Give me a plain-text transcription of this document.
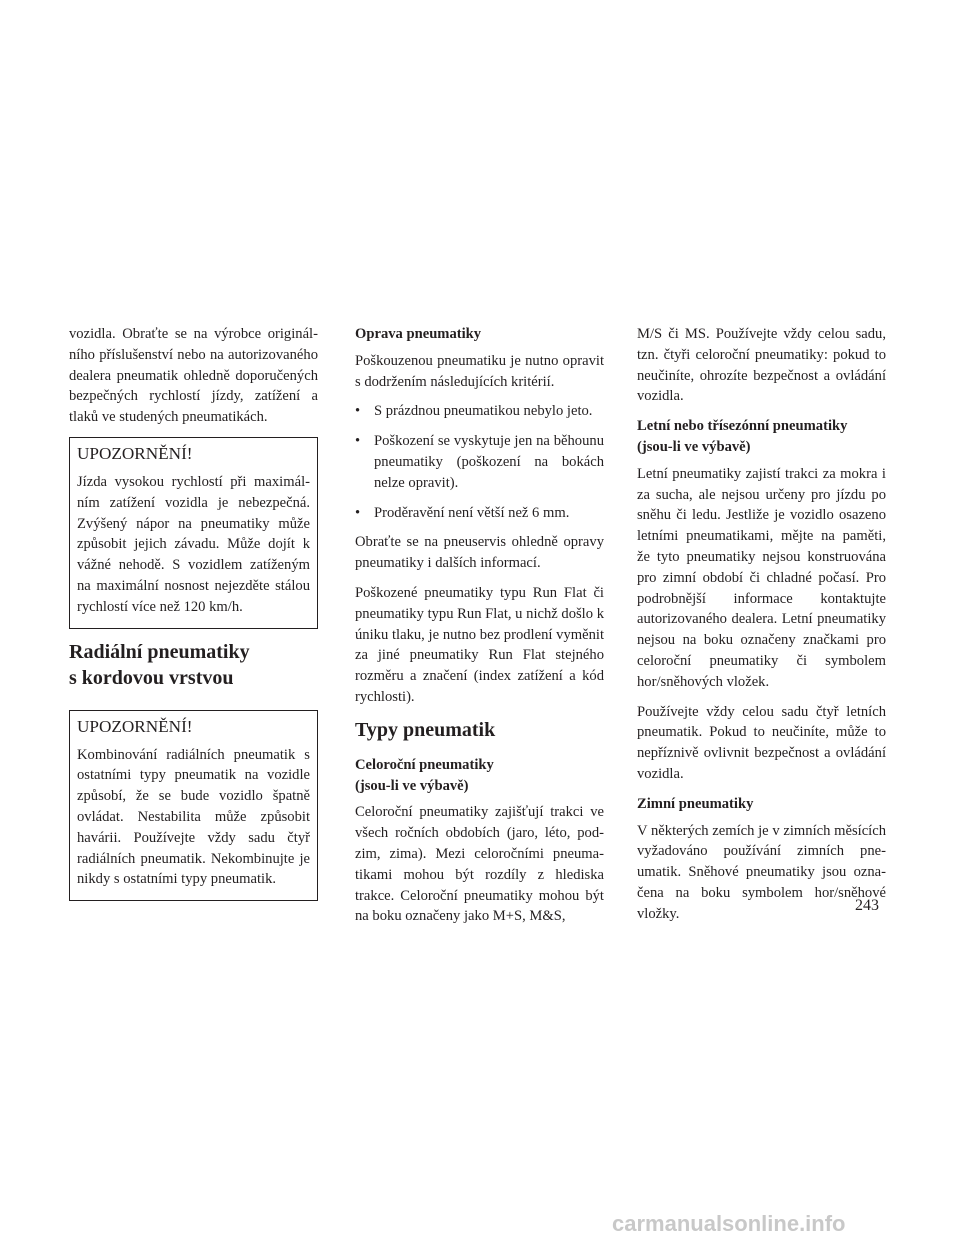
vozidla. Obraťte se na výrobce originálního příslušenství nebo na autorizovaného dealera pneumatik ohledně doporučených bezpečných rychlostí jízdy, zatížení a tlaků ve studených pneumatikách.

UPOZORNĚNÍ!

Jízda vysokou rychlostí při maximálním zatížení vozidla je nebezpečná. Zvýšený nápor na pneumatiky může způsobit jejich závadu. Může dojít k vážné nehodě. S vozidlem zatíženým na maximální nosnost nejezděte stálou rychlostí více než 120 km/h.

Radiální pneumatiky
s kordovou vrstvou
UPOZORNĚNÍ!

Kombinování radiálních pneumatik s ostatními typy pneumatik na vozidle způsobí, že se bude vozidlo špatně ovládat. Nestabilita může způsobit havárii. Používejte vždy sadu čtyř radiálních pneumatik. Nekombinujte je nikdy s ostatními typy pneumatik.

Oprava pneumatiky

Poškouzenou pneumatiku je nutno opravit s dodržením následujících kritérií.

• S prázdnou pneumatikou nebylo jeto.

• Poškození se vyskytuje jen na běhounu pneumatiky (poškození na bokách nelze opravit).

• Proděravění není větší než 6 mm.

Obraťte se na pneuservis ohledně opravy pneumatiky i dalších informací.

Poškozené pneumatiky typu Run Flat či pneumatiky typu Run Flat, u nichž došlo k úniku tlaku, je nutno bez prodlení vyměnit za jiné pneumatiky Run Flat stejného rozměru a značení (index zatížení a kód rychlosti).

Typy pneumatik
Celoroční pneumatiky
(jsou-li ve výbavě)

Celoroční pneumatiky zajišťují trakci ve všech ročních obdobích (jaro, léto, podzim, zima). Mezi celoročními pneumatikami mohou být rozdíly z hlediska trakce. Celoroční pneumatiky mohou být na boku označeny jako M+S, M&S,

M/S či MS. Používejte vždy celou sadu, tzn. čtyři celoroční pneumatiky: pokud to neučiníte, ohrozíte bezpečnost a ovládání vozidla.

Letní nebo třísezónní pneumatiky
(jsou-li ve výbavě)

Letní pneumatiky zajistí trakci za mokra i za sucha, ale nejsou určeny pro jízdu po sněhu či ledu. Jestliže je vozidlo osazeno letními pneumatikami, mějte na paměti, že tyto pneumatiky nejsou konstruována pro zimní období či chladné počasí. Pro podrobnější informace kontaktujte autorizovaného dealera. Letní pneumatiky nejsou na boku označeny značkami pro celoroční pneumatiky či symbolem hor/sněhových vložek.

Používejte vždy celou sadu čtyř letních pneumatik. Pokud to neučiníte, může to nepříznivě ovlivnit bezpečnost a ovládání vozidla.

Zimní pneumatiky

V některých zemích je v zimních měsících vyžadováno používání zimních pneumatik. Sněhové pneumatiky jsou označena na boku symbolem hor/sněhové vložky.	243
carmanualsonline.info
